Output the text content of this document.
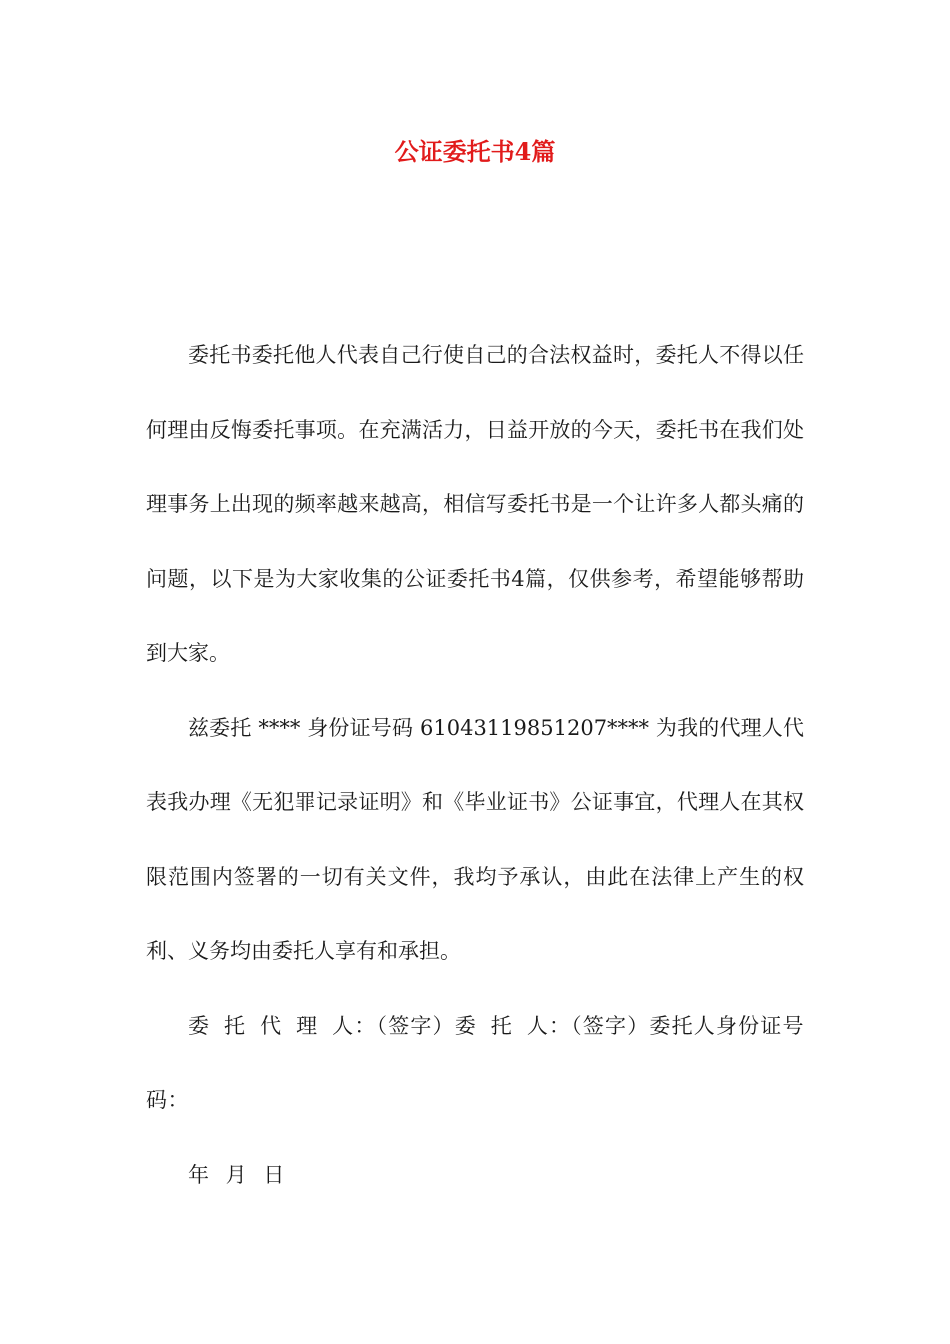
公证委托书4篇

委托书委托他人代表自己行使自己的合法权益时，委托人不得以任何理由反悔委托事项。在充满活力，日益开放的今天，委托书在我们处理事务上出现的频率越来越高，相信写委托书是一个让许多人都头痛的问题，以下是为大家收集的公证委托书4篇，仅供参考，希望能够帮助到大家。

兹委托 **** 身份证号码 61043119851207**** 为我的代理人代表我办理《无犯罪记录证明》和《毕业证书》公证事宜，代理人在其权限范围内签署的一切有关文件，我均予承认，由此在法律上产生的权利、义务均由委托人享有和承担。

委 托 代 理 人：（签字）委 托 人：（签字）委托人身份证号码：

年 月 日
